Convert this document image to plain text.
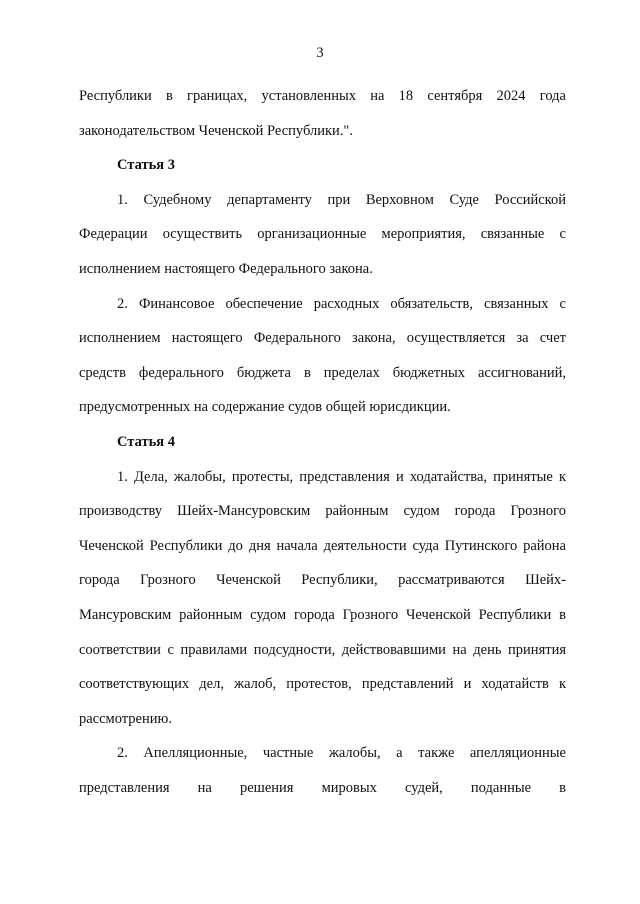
3

Республики в границах, установленных на 18 сентября 2024 года законодательством Чеченской Республики.".

Статья 3

1. Судебному департаменту при Верховном Суде Российской Федерации осуществить организационные мероприятия, связанные с исполнением настоящего Федерального закона.

2. Финансовое обеспечение расходных обязательств, связанных с исполнением настоящего Федерального закона, осуществляется за счет средств федерального бюджета в пределах бюджетных ассигнований, предусмотренных на содержание судов общей юрисдикции.

Статья 4

1. Дела, жалобы, протесты, представления и ходатайства, принятые к производству Шейх-Мансуровским районным судом города Грозного Чеченской Республики до дня начала деятельности суда Путинского района города Грозного Чеченской Республики, рассматриваются Шейх-Мансуровским районным судом города Грозного Чеченской Республики в соответствии с правилами подсудности, действовавшими на день принятия соответствующих дел, жалоб, протестов, представлений и ходатайств к рассмотрению.

2. Апелляционные, частные жалобы, а также апелляционные представления на решения мировых судей, поданные в
